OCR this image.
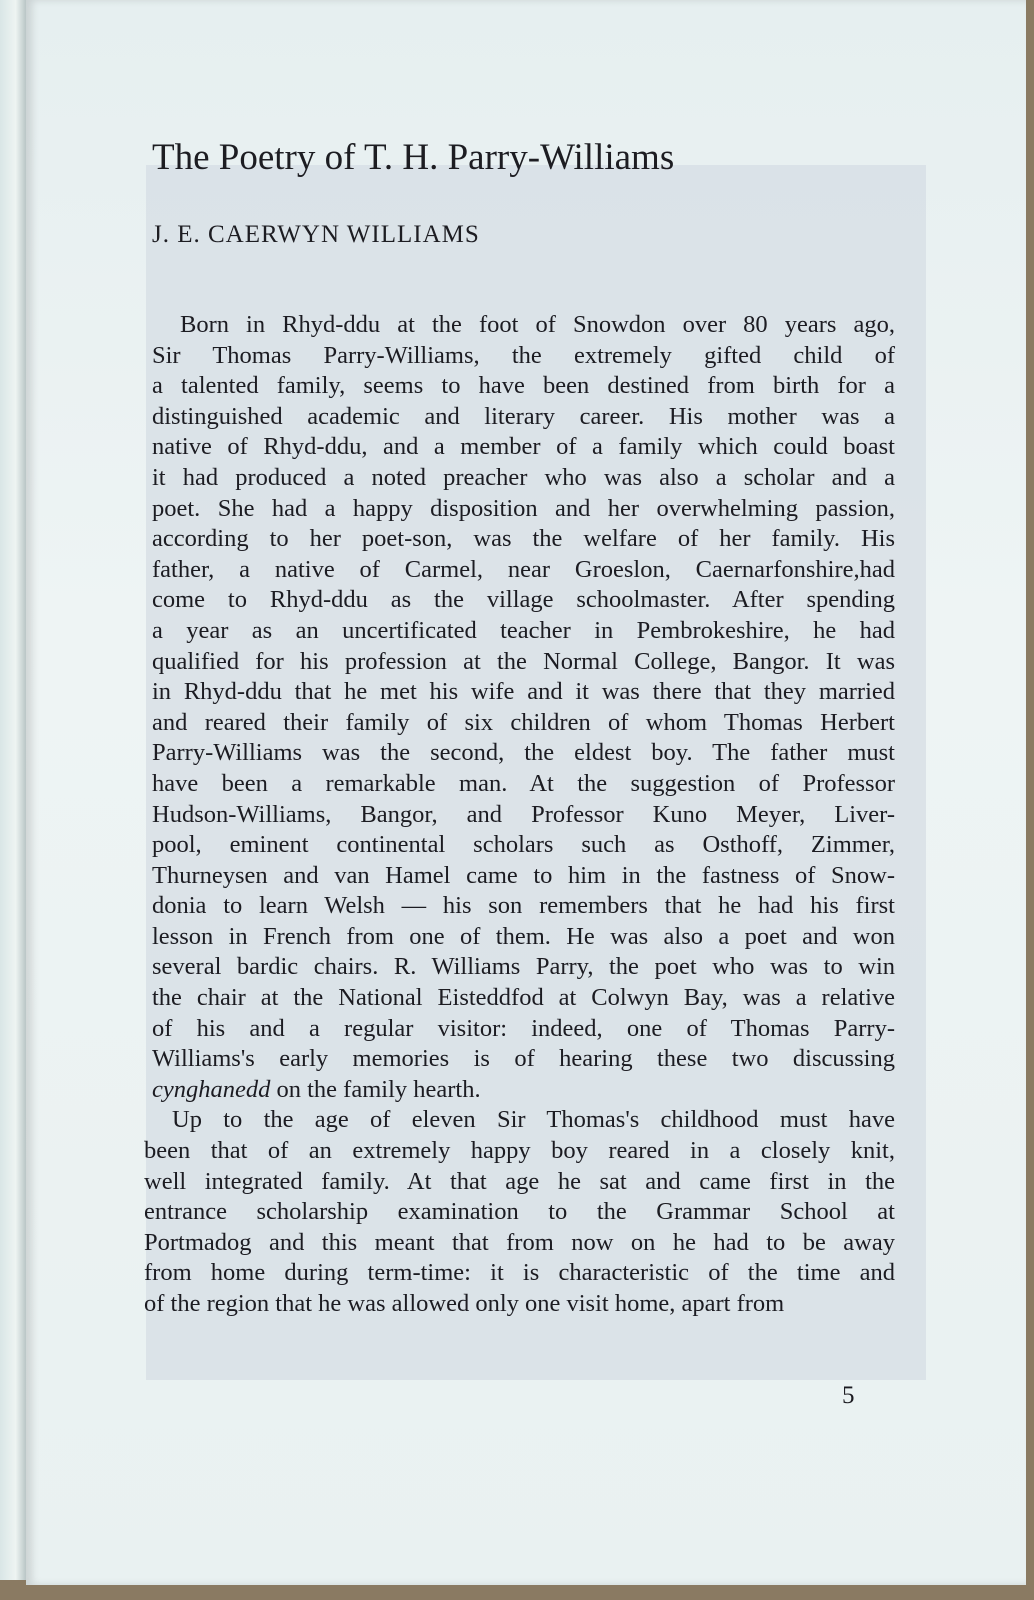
The Poetry of T. H. Parry-Williams
J. E. CAERWYN WILLIAMS
Born in Rhyd-ddu at the foot of Snowdon over 80 years ago,
Sir Thomas Parry-Williams, the extremely gifted child of
a talented family, seems to have been destined from birth for a
distinguished academic and literary career. His mother was a
native of Rhyd-ddu, and a member of a family which could boast
it had produced a noted preacher who was also a scholar and a
poet. She had a happy disposition and her overwhelming passion,
according to her poet-son, was the welfare of her family. His
father, a native of Carmel, near Groeslon, Caernarfonshire,had
come to Rhyd-ddu as the village schoolmaster. After spending
a year as an uncertificated teacher in Pembrokeshire, he had
qualified for his profession at the Normal College, Bangor. It was
in Rhyd-ddu that he met his wife and it was there that they married
and reared their family of six children of whom Thomas Herbert
Parry-Williams was the second, the eldest boy. The father must
have been a remarkable man. At the suggestion of Professor
Hudson-Williams, Bangor, and Professor Kuno Meyer, Liver-
pool, eminent continental scholars such as Osthoff, Zimmer,
Thurneysen and van Hamel came to him in the fastness of Snow-
donia to learn Welsh — his son remembers that he had his first
lesson in French from one of them. He was also a poet and won
several bardic chairs. R. Williams Parry, the poet who was to win
the chair at the National Eisteddfod at Colwyn Bay, was a relative
of his and a regular visitor: indeed, one of Thomas Parry-
Williams's early memories is of hearing these two discussing
cynghanedd on the family hearth.
Up to the age of eleven Sir Thomas's childhood must have
been that of an extremely happy boy reared in a closely knit,
well integrated family. At that age he sat and came first in the
entrance scholarship examination to the Grammar School at
Portmadog and this meant that from now on he had to be away
from home during term-time: it is characteristic of the time and
of the region that he was allowed only one visit home, apart from
5
